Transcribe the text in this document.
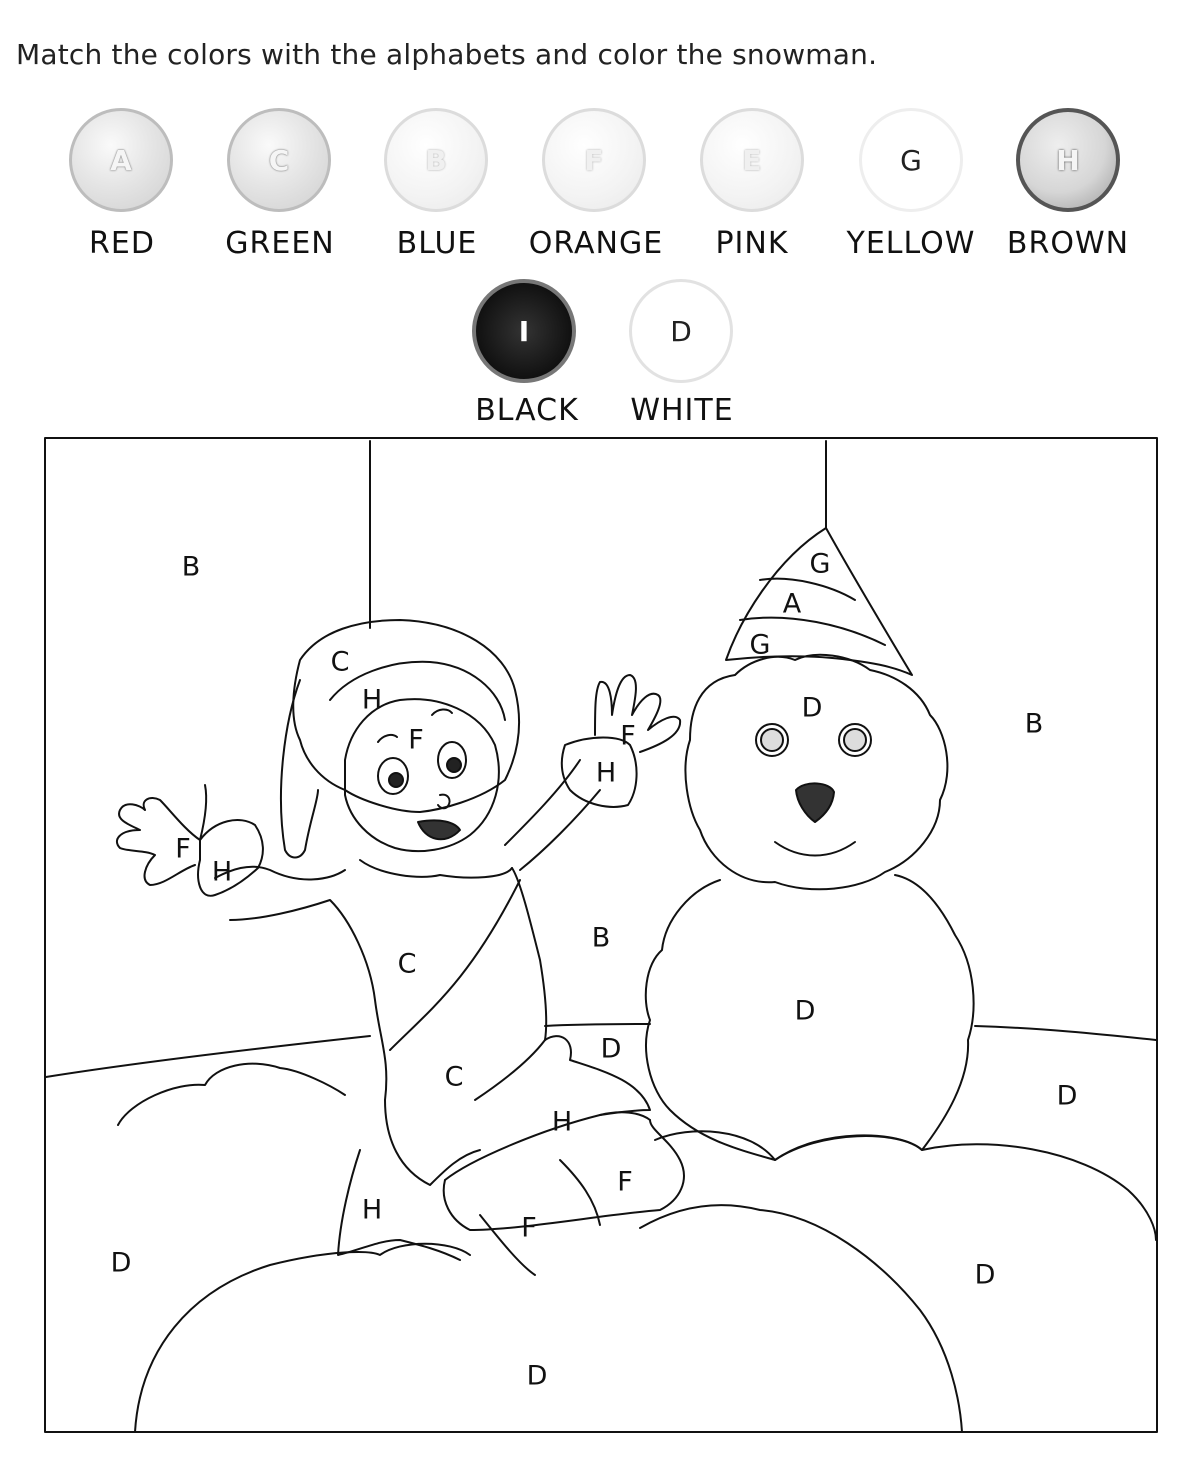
Match the colors with the alphabets and color the snowman.
A	C	B	F	E	G	H
RED	GREEN	BLUE	ORANGE	PINK	YELLOW	BROWN
I	D
BLACK	WHITE
B
B
B
G
A
G
D
D
D
D
D
D
D
C
H
F
F
H
F
H
C
C
H
F
F
H
